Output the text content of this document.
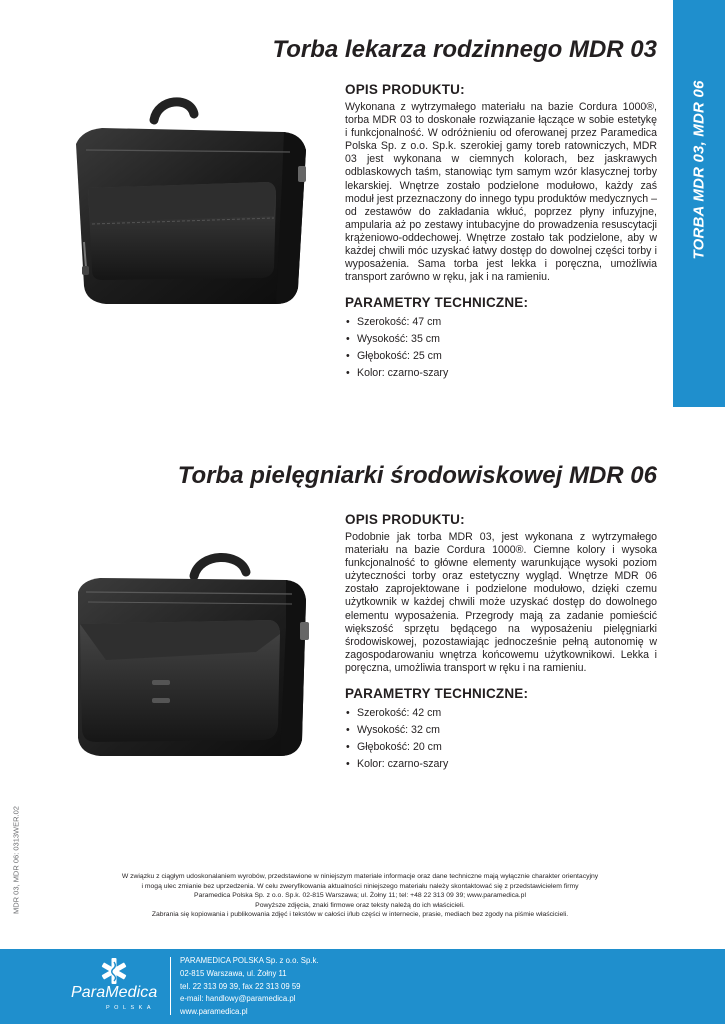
TORBA MDR 03, MDR 06
Torba lekarza rodzinnego MDR 03
OPIS PRODUKTU:

Wykonana z wytrzymałego materiału na bazie Cordura 1000®, torba MDR 03 to doskonałe rozwiązanie łączące w sobie estetykę i funkcjonalność. W odróżnieniu od oferowanej przez Paramedica Polska Sp. z o.o. Sp.k. szerokiej gamy toreb ratowniczych, MDR 03 jest wykonana w ciemnych kolorach, bez jaskrawych odblaskowych taśm, stanowiąc tym samym wzór klasycznej torby lekarskiej. Wnętrze zostało podzielone modułowo, każdy zaś moduł jest przeznaczony do innego typu produktów medycznych – od zestawów do zakładania wkłuć, poprzez płyny infuzyjne, ampularia aż po zestawy intubacyjne do prowadzenia resuscytacji krążeniowo-oddechowej. Wnętrze zostało tak podzielone, aby w każdej chwili móc uzyskać łatwy dostęp do dowolnej części torby i wyposażenia. Sama torba jest lekka i poręczna, umożliwia transport zarówno w ręku, jak i na ramieniu.

PARAMETRY TECHNICZNE:
• Szerokość: 47 cm
• Wysokość: 35 cm
• Głębokość: 25 cm
• Kolor: czarno-szary
Torba pielęgniarki środowiskowej MDR 06
OPIS PRODUKTU:

Podobnie jak torba MDR 03, jest wykonana z wytrzymałego materiału na bazie Cordura 1000®. Ciemne kolory i wysoka funkcjonalność to główne elementy warunkujące wysoki poziom użyteczności torby oraz estetyczny wygląd. Wnętrze MDR 06 zostało zaprojektowane i podzielone modułowo, dzięki czemu użytkownik w każdej chwili może uzyskać dostęp do dowolnego elementu wyposażenia. Przegrody mają za zadanie pomieścić większość sprzętu będącego na wyposażeniu pielęgniarki środowiskowej, pozostawiając jednocześnie pełną autonomię w zagospodarowaniu wnętrza końcowemu użytkownikowi. Lekka i poręczna, umożliwia transport w ręku i na ramieniu.

PARAMETRY TECHNICZNE:
• Szerokość: 42 cm
• Wysokość: 32 cm
• Głębokość: 20 cm
• Kolor: czarno-szary
MDR 03, MDR 06: 0313WER.02	W związku z ciągłym udoskonalaniem wyrobów, przedstawione w niniejszym materiale informacje oraz dane techniczne mają wyłącznie charakter orientacyjny

i mogą ulec zmianie bez uprzedzenia. W celu zweryfikowania aktualności niniejszego materiału należy skontaktować się z przedstawicielem firmy

Paramedica Polska Sp. z o.o. Sp.k. 02-815 Warszawa; ul. Żołny 11; tel: +48 22 313 09 39; www.paramedica.pl

Powyższe zdjęcia, znaki firmowe oraz teksty należą do ich właścicieli.

Zabrania się kopiowania i publikowania zdjęć i tekstów w całości i/lub części w internecie, prasie, mediach bez zgody na piśmie właścicieli.

ParaMedica
POLSKA
PARAMEDICA POLSKA Sp. z o.o. Sp.k.
02-815 Warszawa, ul. Żołny 11
tel. 22 313 09 39, fax 22 313 09 59
e-mail: handlowy@paramedica.pl
www.paramedica.pl
